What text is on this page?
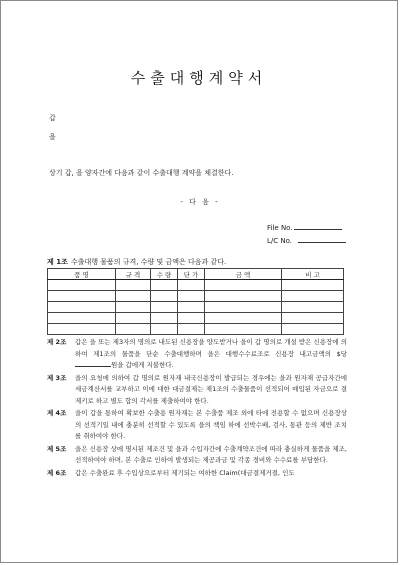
수출대행계약서
갑
을
상기 갑, 을 양자간에 다음과 같이 수출대행 계약을 체결한다.
- 다 음 -
File No.
L/C No.
제 1조 수출대행 물품의 규격, 수량 및 금액은 다음과 같다.
품 명	규 격	수 량	단 가	금 액	비 고

제 2조	갑은 을 또는 제3자의 명의로 내도된 신용장을 양도받거나 을이 갑 명의로 개설 받은 신용장에 의하여 제1조의 물품을 단순 수출대행하며 을은 대행수수료조로 신용장 내고금액의 $당원을 갑에게 지불한다.
제 3조	을의 요청에 의하여 갑 명의로 원자재 내국신용장이 발급되는 경우에는 을과 원자재 공급자간에 세금계산서를 교부하고 이에 대한 대금결제는 제1조의 수출물품이 선적되어 매입된 자금으로 결제키로 하고 별도 합의 각서를 제출하여야 한다.
제 4조	을이 갑을 통하여 확보한 수출용 원자재는 본 수출품 제조 외에 타에 전용할 수 없으며 신용장상의 선적기일 내에 충분히 선적할 수 있도록 을의 책임 하에 선박수배, 검사, 통관 등의 제반 조치를 취하여야 한다.
제 5조	을은 신용장 상에 명시된 제조건 및 을과 수입자간에 수출계약조건에 따라 충실하게 물품을 제조, 선적하여야 하며, 본 수출로 인하여 발생되는 제공과금 및 각종 경비와 수수료를 부담한다.
제 6조	갑은 수출완료 후 수입상으로부터 제기되는 여하한 Claim(대금결제거절, 인도
